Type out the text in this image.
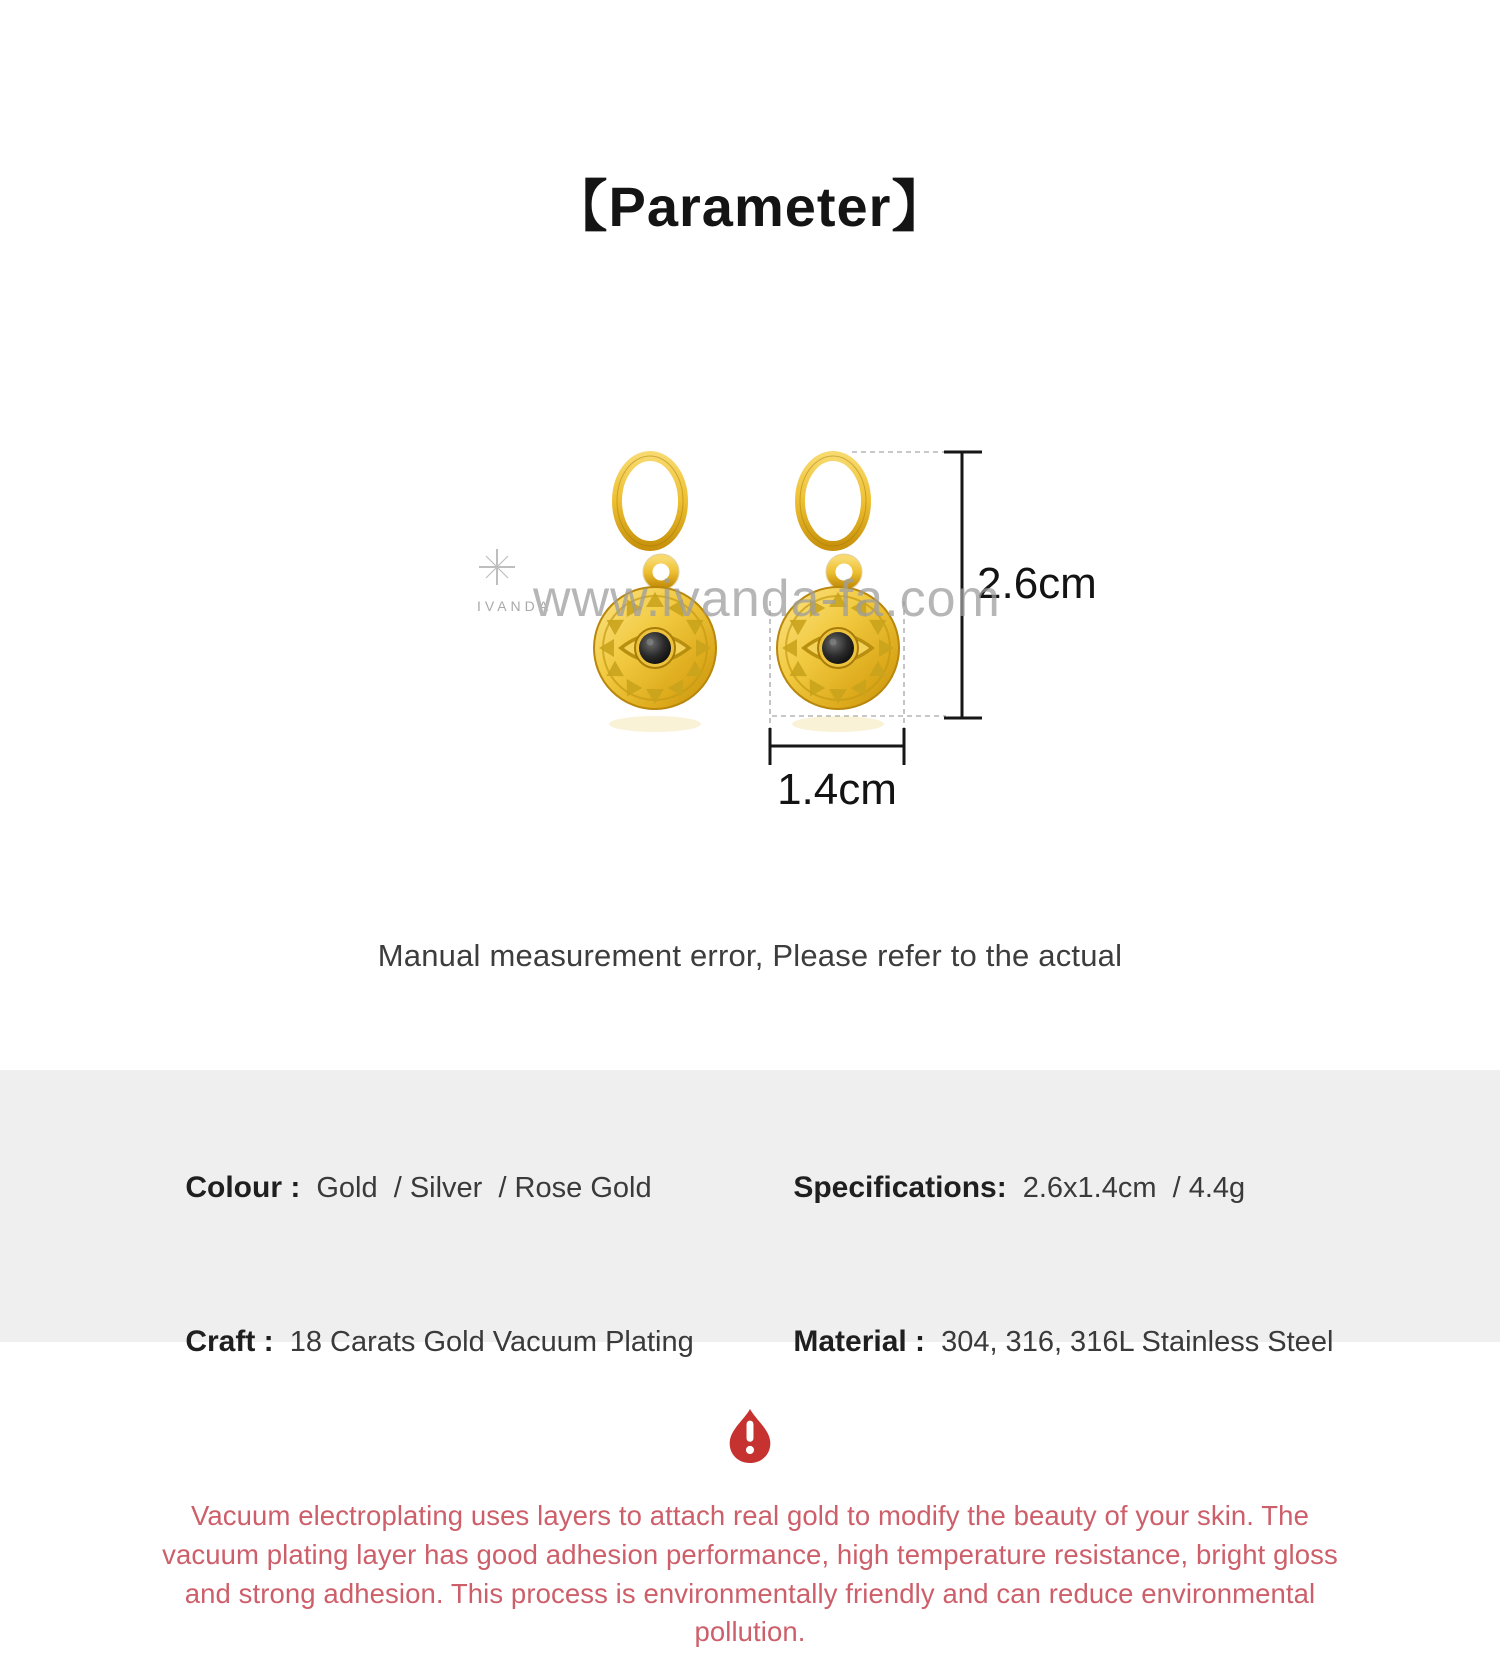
【Parameter】
2.6cm
1.4cm
IVANDA
www.ivanda-fa.com
Manual measurement error, Please refer to the actual

Colour : Gold  / Silver  / Rose Gold
	Specifications: 2.6x1.4cm  / 4.4g

Craft : 18 Carats Gold Vacuum Plating
	Material : 304, 316, 316L Stainless Steel

Vacuum electroplating uses layers to attach real gold to modify the beauty of your skin. The vacuum plating layer has good adhesion performance, high temperature resistance, bright gloss and strong adhesion. This process is environmentally friendly and can reduce environmental pollution.
